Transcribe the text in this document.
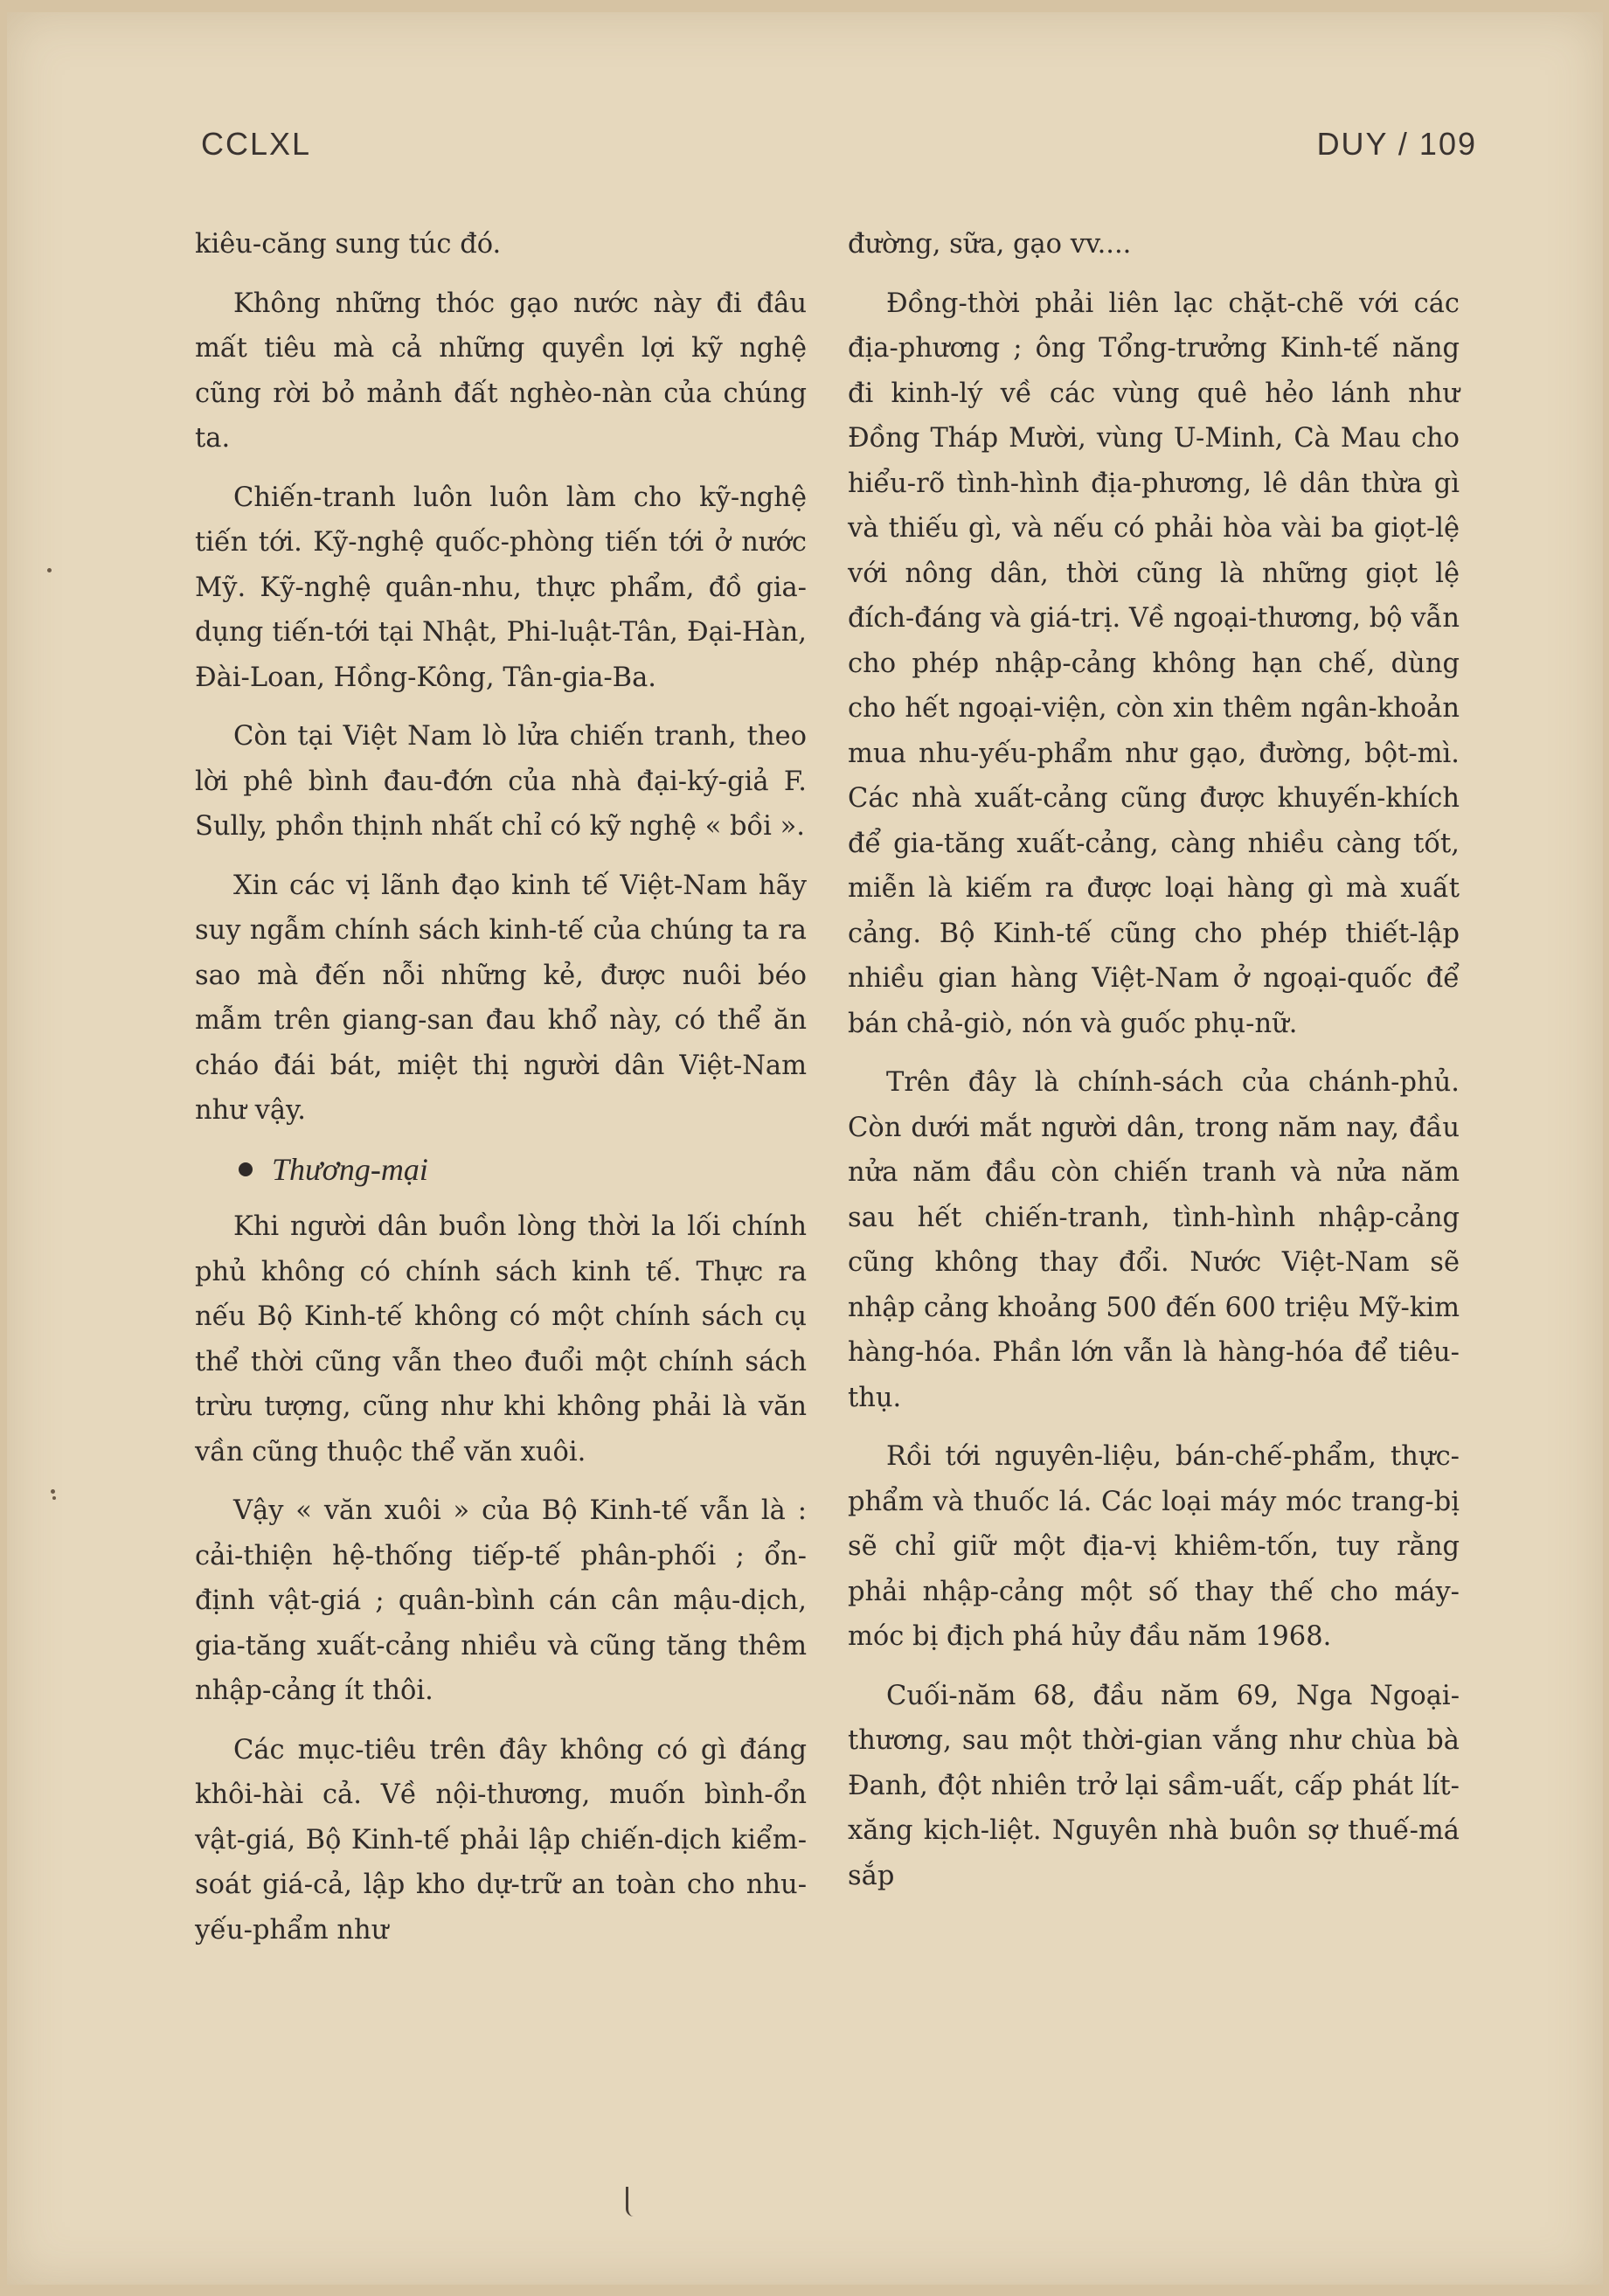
CCLXL	DUY / 109

kiêu-căng sung túc đó.

Không những thóc gạo nước này đi đâu mất tiêu mà cả những quyền lợi kỹ nghệ cũng rời bỏ mảnh đất nghèo-nàn của chúng ta.

Chiến-tranh luôn luôn làm cho kỹ-nghệ tiến tới. Kỹ-nghệ quốc-phòng tiến tới ở nước Mỹ. Kỹ-nghệ quân-nhu, thực phẩm, đồ gia-dụng tiến-tới tại Nhật, Phi-luật-Tân, Đại-Hàn, Đài-Loan, Hồng-Kông, Tân-gia-Ba.

Còn tại Việt Nam lò lửa chiến tranh, theo lời phê bình đau-đớn của nhà đại-ký-giả F. Sully, phồn thịnh nhất chỉ có kỹ nghệ « bồi ».

Xin các vị lãnh đạo kinh tế Việt-Nam hãy suy ngẫm chính sách kinh-tế của chúng ta ra sao mà đến nỗi những kẻ, được nuôi béo mẫm trên giang-san đau khổ này, có thể ăn cháo đái bát, miệt thị người dân Việt-Nam như vậy.

Thương-mại

Khi người dân buồn lòng thời la lối chính phủ không có chính sách kinh tế. Thực ra nếu Bộ Kinh-tế không có một chính sách cụ thể thời cũng vẫn theo đuổi một chính sách trừu tượng, cũng như khi không phải là văn vần cũng thuộc thể văn xuôi.

Vậy « văn xuôi » của Bộ Kinh-tế vẫn là : cải-thiện hệ-thống tiếp-tế phân-phối ; ổn-định vật-giá ; quân-bình cán cân mậu-dịch, gia-tăng xuất-cảng nhiều và cũng tăng thêm nhập-cảng ít thôi.

Các mục-tiêu trên đây không có gì đáng khôi-hài cả. Về nội-thương, muốn bình-ổn vật-giá, Bộ Kinh-tế phải lập chiến-dịch kiểm-soát giá-cả, lập kho dự-trữ an toàn cho nhu-yếu-phẩm như

đường, sữa, gạo vv....

Đồng-thời phải liên lạc chặt-chẽ với các địa-phương ; ông Tổng-trưởng Kinh-tế năng đi kinh-lý về các vùng quê hẻo lánh như Đồng Tháp Mười, vùng U-Minh, Cà Mau cho hiểu-rõ tình-hình địa-phương, lê dân thừa gì và thiếu gì, và nếu có phải hòa vài ba giọt-lệ với nông dân, thời cũng là những giọt lệ đích-đáng và giá-trị. Về ngoại-thương, bộ vẫn cho phép nhập-cảng không hạn chế, dùng cho hết ngoại-viện, còn xin thêm ngân-khoản mua nhu-yếu-phẩm như gạo, đường, bột-mì. Các nhà xuất-cảng cũng được khuyến-khích để gia-tăng xuất-cảng, càng nhiều càng tốt, miễn là kiếm ra được loại hàng gì mà xuất cảng. Bộ Kinh-tế cũng cho phép thiết-lập nhiều gian hàng Việt-Nam ở ngoại-quốc để bán chả-giò, nón và guốc phụ-nữ.

Trên đây là chính-sách của chánh-phủ. Còn dưới mắt người dân, trong năm nay, đầu nửa năm đầu còn chiến tranh và nửa năm sau hết chiến-tranh, tình-hình nhập-cảng cũng không thay đổi. Nước Việt-Nam sẽ nhập cảng khoảng 500 đến 600 triệu Mỹ-kim hàng-hóa. Phần lớn vẫn là hàng-hóa để tiêu-thụ.

Rồi tới nguyên-liệu, bán-chế-phẩm, thực-phẩm và thuốc lá. Các loại máy móc trang-bị sẽ chỉ giữ một địa-vị khiêm-tốn, tuy rằng phải nhập-cảng một số thay thế cho máy-móc bị địch phá hủy đầu năm 1968.

Cuối-năm 68, đầu năm 69, Nga Ngoại-thương, sau một thời-gian vắng như chùa bà Đanh, đột nhiên trở lại sầm-uất, cấp phát lít-xăng kịch-liệt. Nguyên nhà buôn sợ thuế-má sắp
